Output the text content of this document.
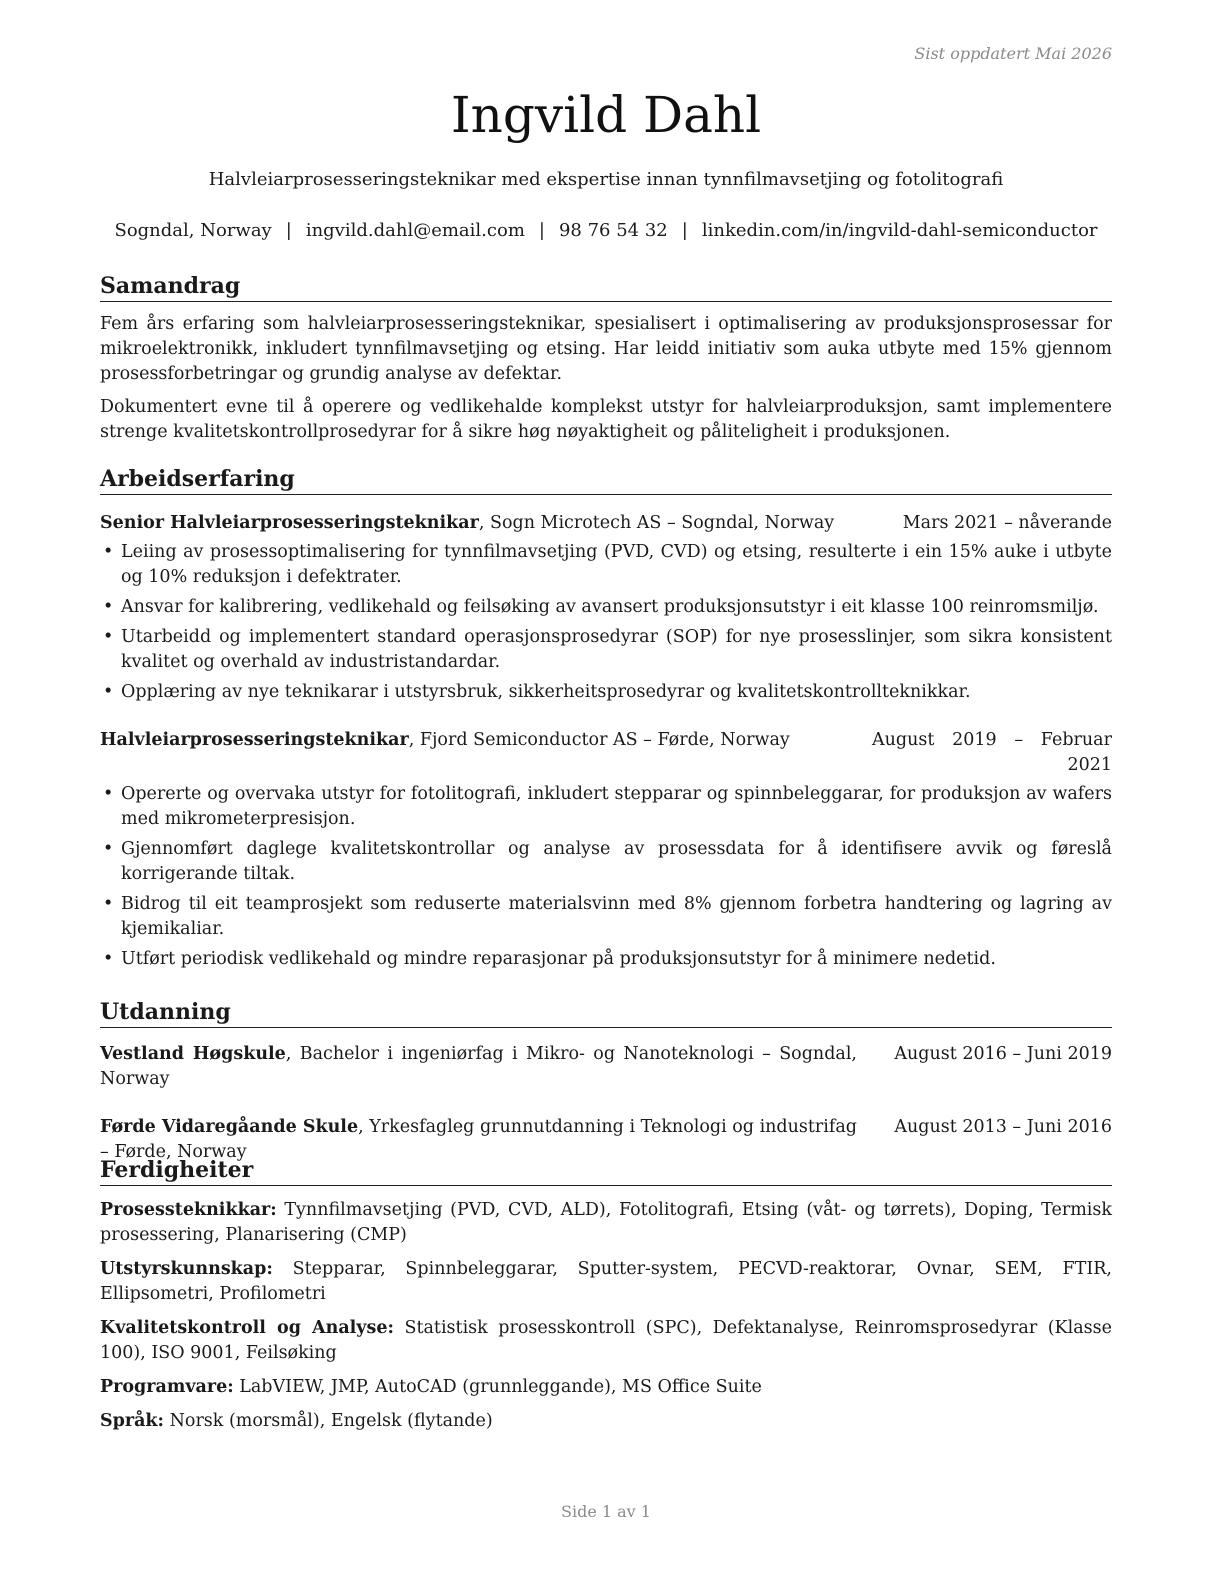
Sist oppdatert Mai 2026
Ingvild Dahl
Halvleiarprosesseringsteknikar med ekspertise innan tynnfilmavsetjing og fotolitografi
Sogndal, Norway | ingvild.dahl@email.com | 98 76 54 32 | linkedin.com/in/ingvild-dahl-semiconductor
Samandrag

Fem års erfaring som halvleiarprosesseringsteknikar, spesialisert i optimalisering av produksjonsprosessar for mikroelektronikk, inkludert tynnfilmavsetjing og etsing. Har leidd initiativ som auka utbyte med 15% gjennom prosessforbetringar og grundig analyse av defektar.

Dokumentert evne til å operere og vedlikehalde komplekst utstyr for halvleiarproduksjon, samt implementere strenge kvalitetskontrollprosedyrar for å sikre høg nøyaktigheit og påliteligheit i produksjonen.

Arbeidserfaring
Senior Halvleiarprosesseringsteknikar, Sogn Microtech AS – Sogndal, Norway	Mars 2021 – nåverande
• Leiing av prosessoptimalisering for tynnfilmavsetjing (PVD, CVD) og etsing, resulterte i ein 15% auke i utbyte og 10% reduksjon i defektrater.
• Ansvar for kalibrering, vedlikehald og feilsøking av avansert produksjonsutstyr i eit klasse 100 reinromsmiljø.
• Utarbeidd og implementert standard operasjonsprosedyrar (SOP) for nye prosesslinjer, som sikra konsistent kvalitet og overhald av industristandardar.
• Opplæring av nye teknikarar i utstyrsbruk, sikkerheitsprosedyrar og kvalitetskontrollteknikkar.
Halvleiarprosesseringsteknikar, Fjord Semiconductor AS – Førde, Norway	August 2019 – Februar 2021
• Opererte og overvaka utstyr for fotolitografi, inkludert stepparar og spinnbeleggarar, for produksjon av wafers med mikrometerpresisjon.
• Gjennomført daglege kvalitetskontrollar og analyse av prosessdata for å identifisere avvik og føreslå korrigerande tiltak.
• Bidrog til eit teamprosjekt som reduserte materialsvinn med 8% gjennom forbetra handtering og lagring av kjemikaliar.
• Utført periodisk vedlikehald og mindre reparasjonar på produksjonsutstyr for å minimere nedetid.
Utdanning
Vestland Høgskule, Bachelor i ingeniørfag i Mikro- og Nanoteknologi – Sogndal, Norway
August 2016 – Juni 2019
Førde Vidaregåande Skule, Yrkesfagleg grunnutdanning i Teknologi og industrifag – Førde, Norway
August 2013 – Juni 2016
Ferdigheiter

Prosessteknikkar: Tynnfilmavsetjing (PVD, CVD, ALD), Fotolitografi, Etsing (våt- og tørrets), Doping, Termisk prosessering, Planarisering (CMP)

Utstyrskunnskap: Stepparar, Spinnbeleggarar, Sputter-system, PECVD-reaktorar, Ovnar, SEM, FTIR, Ellipsometri, Profilometri

Kvalitetskontroll og Analyse: Statistisk prosesskontroll (SPC), Defektanalyse, Reinromsprosedyrar (Klasse 100), ISO 9001, Feilsøking

Programvare: LabVIEW, JMP, AutoCAD (grunnleggande), MS Office Suite

Språk: Norsk (morsmål), Engelsk (flytande)

Side 1 av 1
